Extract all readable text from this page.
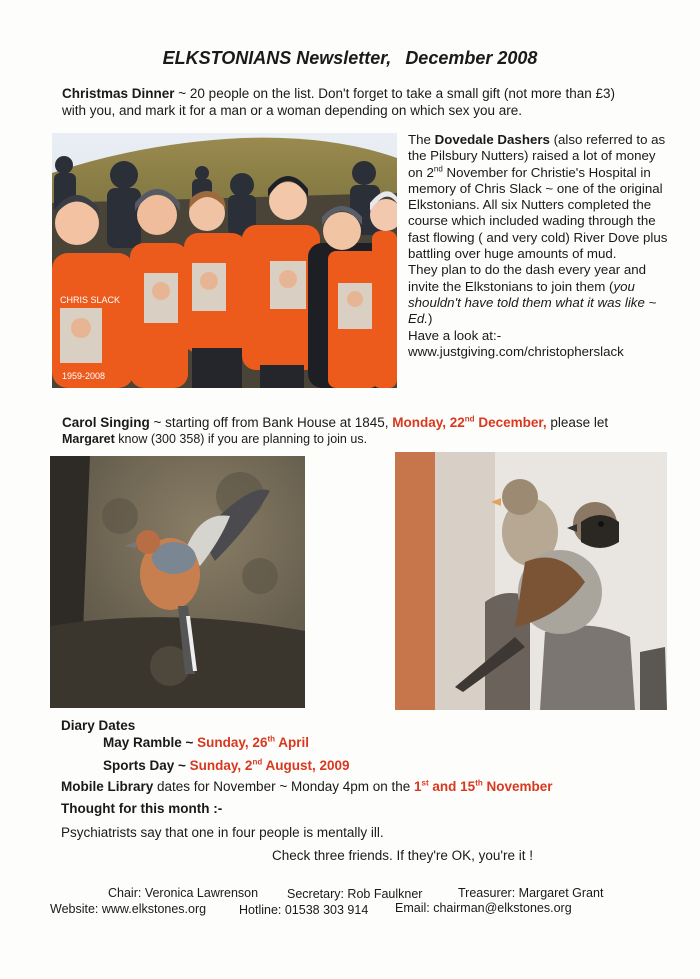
ELKSTONIANS Newsletter, December 2008
Christmas Dinner ~ 20 people on the list. Don't forget to take a small gift (not more than £3)
with you, and mark it for a man or a woman depending on which sex you are.
CHRIS SLACK
1959-2008
The Dovedale Dashers (also referred to as the Pilsbury Nutters) raised a lot of money on 2nd November for Christie's Hospital in memory of Chris Slack ~ one of the original Elkstonians. All six Nutters completed the course which included wading through the fast flowing ( and very cold) River Dove plus battling over huge amounts of mud.
They plan to do the dash every year and invite the Elkstonians to join them (you shouldn't have told them what it was like ~ Ed.)
Have a look at:-
www.justgiving.com/christopherslack
Carol Singing ~ starting off from Bank House at 1845, Monday, 22nd December, please let
Margaret know (300 358) if you are planning to join us.
Diary Dates
May Ramble ~ Sunday, 26th April
Sports Day ~ Sunday, 2nd August, 2009
Mobile Library dates for November ~ Monday 4pm on the 1st and 15th November
Thought for this month :-
Psychiatrists say that one in four people is mentally ill.
Check three friends. If they're OK, you're it !
Chair: Veronica Lawrenson Secretary: Rob Faulkner	Treasurer: Margaret Grant
Website: www.elkstones.org	Hotline: 01538 303 914 Email: chairman@elkstones.org
